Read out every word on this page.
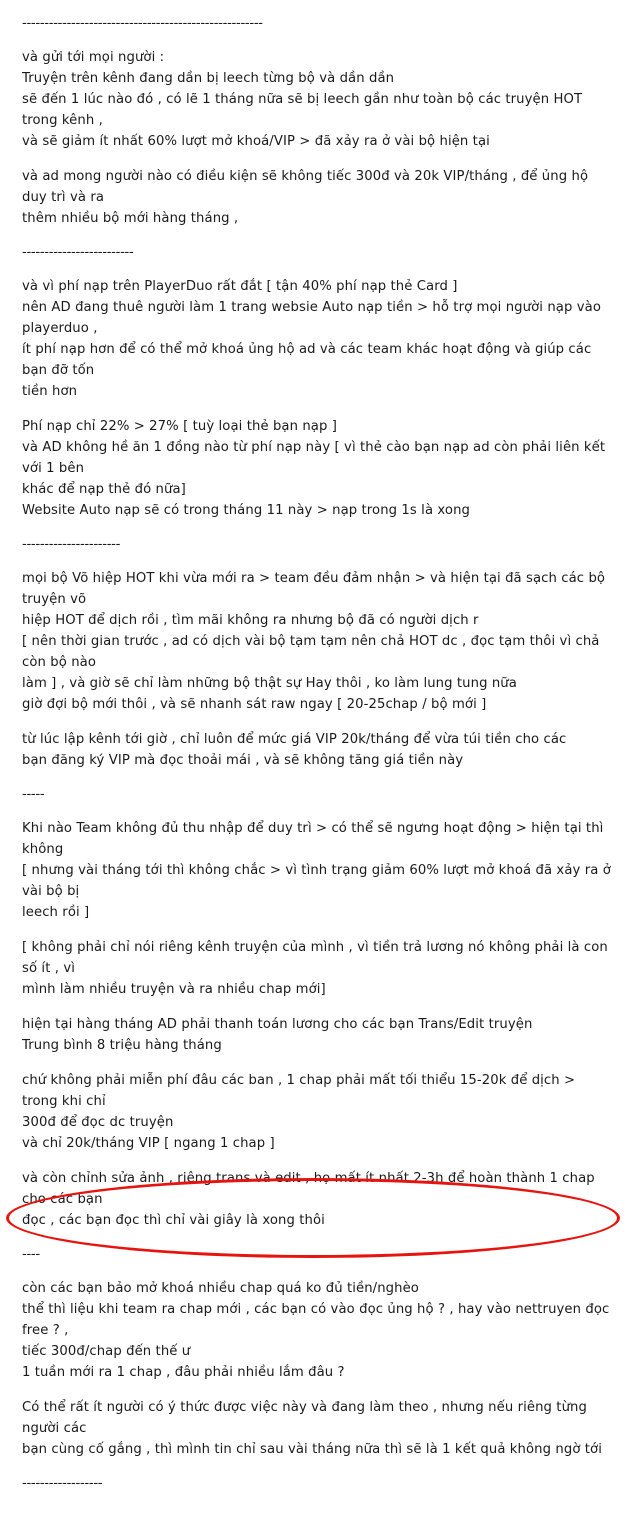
------------------------------------------------------
và gửi tới mọi người :
Truyện trên kênh đang dần bị leech từng bộ và dần dần
sẽ đến 1 lúc nào đó , có lẽ 1 tháng nữa sẽ bị leech gần như toàn bộ các truyện HOT trong kênh ,
và sẽ giảm ít nhất 60% lượt mở khoá/VIP > đã xảy ra ở vài bộ hiện tại
và ad mong người nào có điều kiện sẽ không tiếc 300đ và 20k VIP/tháng , để ủng hộ duy trì và ra
thêm nhiều bộ mới hàng tháng ,
-------------------------
và vì phí nạp trên PlayerDuo rất đắt [ tận 40% phí nạp thẻ Card ]
nên AD đang thuê người làm 1 trang websie Auto nạp tiền > hỗ trợ mọi người nạp vào playerduo ,
ít phí nạp hơn để có thể mở khoá ủng hộ ad và các team khác hoạt động và giúp các bạn đỡ tốn
tiền hơn
Phí nạp chỉ 22% > 27% [ tuỳ loại thẻ bạn nạp ]
và AD không hề ăn 1 đồng nào từ phí nạp này [ vì thẻ cào bạn nạp ad còn phải liên kết với 1 bên
khác để nạp thẻ đó nữa]
Website Auto nạp sẽ có trong tháng 11 này > nạp trong 1s là xong
----------------------
mọi bộ Võ hiệp HOT khi vừa mới ra > team đều đảm nhận > và hiện tại đã sạch các bộ truyện võ
hiệp HOT để dịch rồi , tìm mãi không ra nhưng bộ đã có người dịch r
[ nên thời gian trước , ad có dịch vài bộ tạm tạm nên chả HOT dc , đọc tạm thôi vì chả còn bộ nào
làm ] , và giờ sẽ chỉ làm những bộ thật sự Hay thôi , ko làm lung tung nữa
giờ đợi bộ mới thôi , và sẽ nhanh sát raw ngay [ 20-25chap / bộ mới ]
từ lúc lập kênh tới giờ , chỉ luôn để mức giá VIP 20k/tháng để vừa túi tiền cho các
bạn đăng ký VIP mà đọc thoải mái , và sẽ không tăng giá tiền này
-----
Khi nào Team không đủ thu nhập để duy trì > có thể sẽ ngưng hoạt động > hiện tại thì không
[ nhưng vài tháng tới thì không chắc > vì tình trạng giảm 60% lượt mở khoá đã xảy ra ở vài bộ bị
leech rồi ]
[ không phải chỉ nói riêng kênh truyện của mình , vì tiền trả lương nó không phải là con số ít , vì
mình làm nhiều truyện và ra nhiều chap mới]
hiện tại hàng tháng AD phải thanh toán lương cho các bạn Trans/Edit truyện
Trung bình 8 triệu hàng tháng
chứ không phải miễn phí đâu các ban , 1 chap phải mất tối thiểu 15-20k để dịch > trong khi chỉ
300đ để đọc dc truyện
và chỉ 20k/tháng VIP [ ngang 1 chap ]
và còn chỉnh sửa ảnh , riêng trans và edit , họ mất ít nhất 2-3h để hoàn thành 1 chap cho các bạn
đọc , các bạn đọc thì chỉ vài giây là xong thôi
----
còn các bạn bảo mở khoá nhiều chap quá ko đủ tiền/nghèo
thể thì liệu khi team ra chap mới , các bạn có vào đọc ủng hộ ? , hay vào nettruyen đọc free ? ,
tiếc 300đ/chap đến thế ư
1 tuần mới ra 1 chap , đâu phải nhiều lắm đâu ?
Có thể rất ít người có ý thức được việc này và đang làm theo , nhưng nếu riêng từng người các
bạn cùng cố gắng , thì mình tin chỉ sau vài tháng nữa thì sẽ là 1 kết quả không ngờ tới
------------------
